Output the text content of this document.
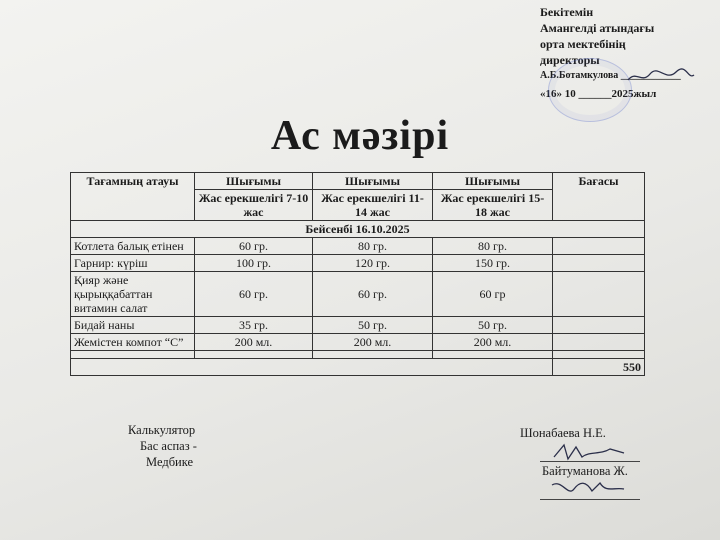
Бекітемін
Амангелді атындағы
орта мектебінің
директоры
А.Б.Ботамкулова ____________
«16» 10 ______2025жыл
Ас мәзірі
Тағамның атауы	Шығымы	Шығымы	Шығымы	Бағасы
	Жас ерекшелігі 7-10 жас	Жас ерекшелігі 11-14 жас	Жас ерекшелігі 15-18 жас	
Бейсенбі 16.10.2025				
Котлета балық етінен	60 гр.	80 гр.	80 гр.	
Гарнир: күріш	100 гр.	120 гр.	150 гр.	
Қияр және қырыққабаттан витамин салат	60 гр.	60 гр.	60 гр	
Бидай наны	35 гр.	50 гр.	50 гр.	
Жемістен компот “С”	200 мл.	200 мл.	200 мл.	

				550
Калькулятор
Бас аспаз -
Медбике
Шонабаева Н.Е.
Байтуманова Ж.
